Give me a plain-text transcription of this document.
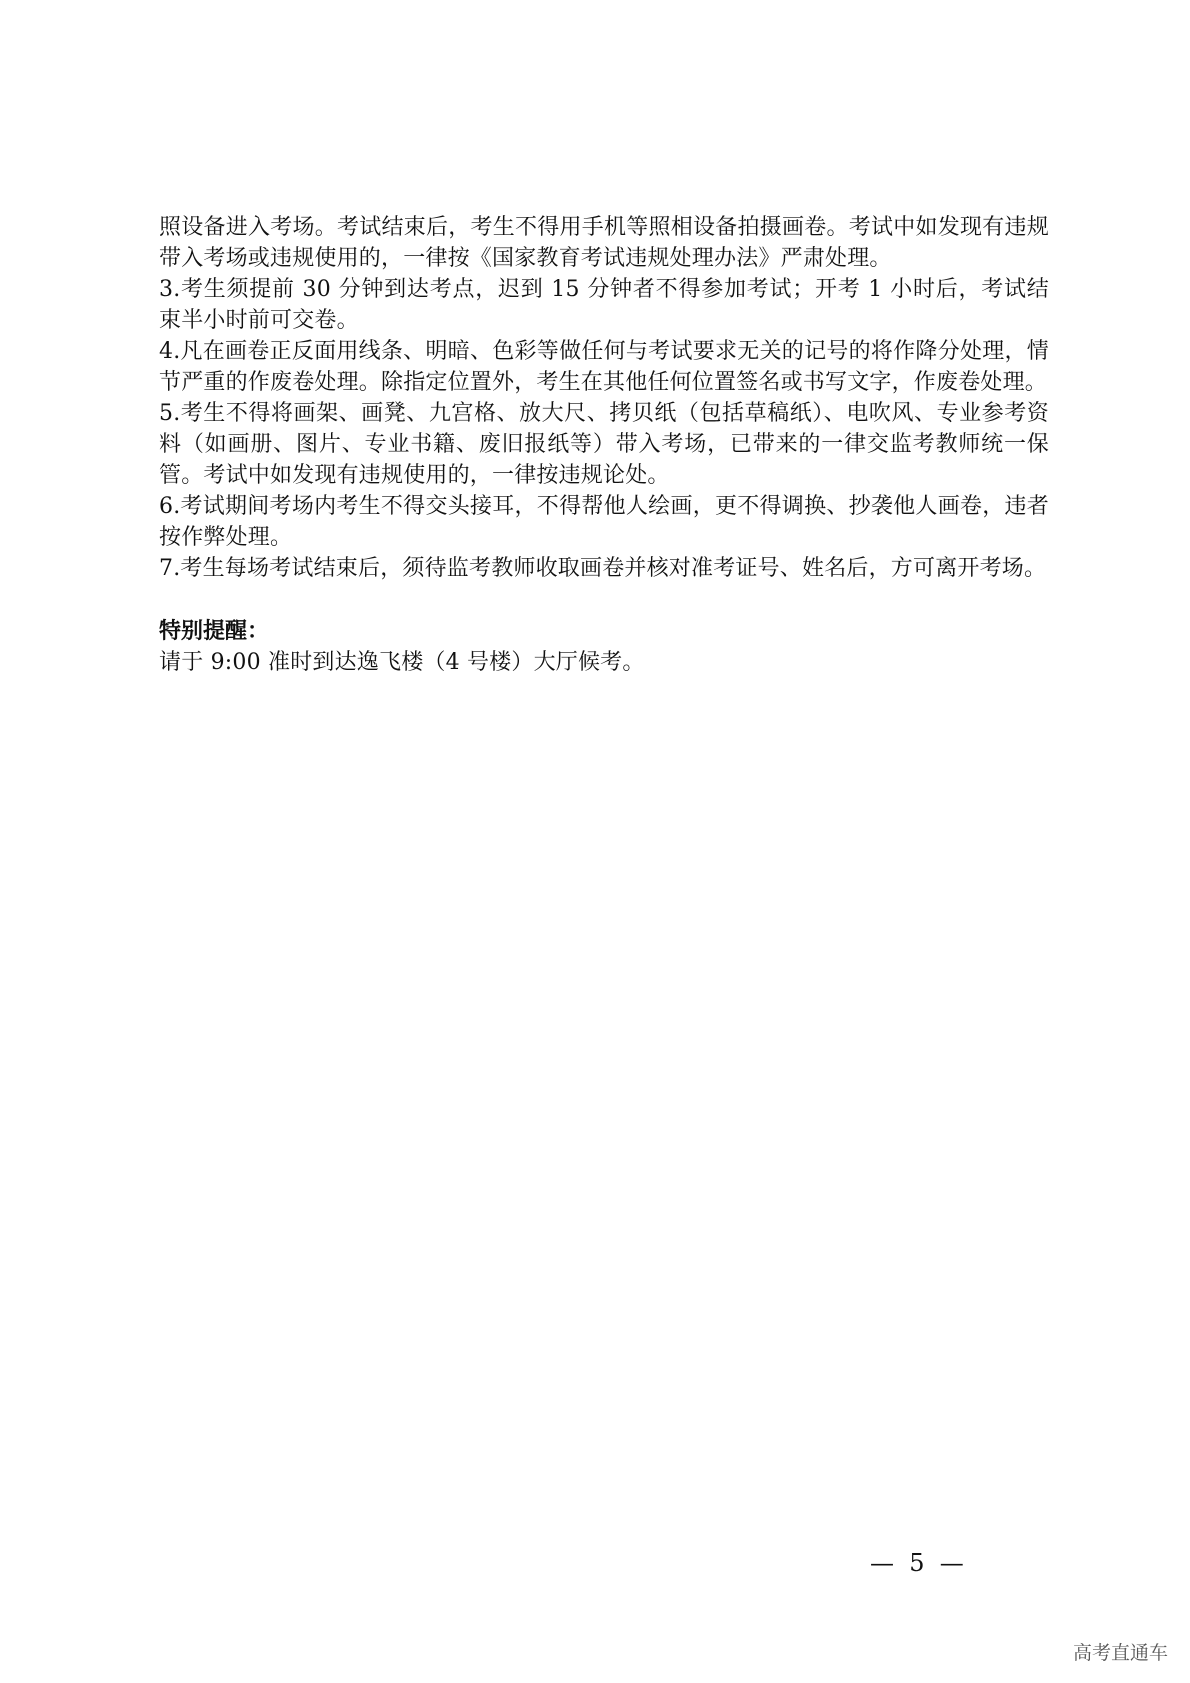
照设备进入考场。考试结束后，考生不得用手机等照相设备拍摄画卷。考试中如发现有违规带入考场或违规使用的，一律按《国家教育考试违规处理办法》严肃处理。

3.考生须提前 30 分钟到达考点，迟到 15 分钟者不得参加考试；开考 1 小时后，考试结束半小时前可交卷。

4.凡在画卷正反面用线条、明暗、色彩等做任何与考试要求无关的记号的将作降分处理，情节严重的作废卷处理。除指定位置外，考生在其他任何位置签名或书写文字，作废卷处理。

5.考生不得将画架、画凳、九宫格、放大尺、拷贝纸（包括草稿纸）、电吹风、专业参考资料（如画册、图片、专业书籍、废旧报纸等）带入考场，已带来的一律交监考教师统一保管。考试中如发现有违规使用的，一律按违规论处。

6.考试期间考场内考生不得交头接耳，不得帮他人绘画，更不得调换、抄袭他人画卷，违者按作弊处理。

7.考生每场考试结束后，须待监考教师收取画卷并核对准考证号、姓名后，方可离开考场。

特别提醒：

请于 9:00 准时到达逸飞楼（4 号楼）大厅候考。

—  5  —
高考直通车
